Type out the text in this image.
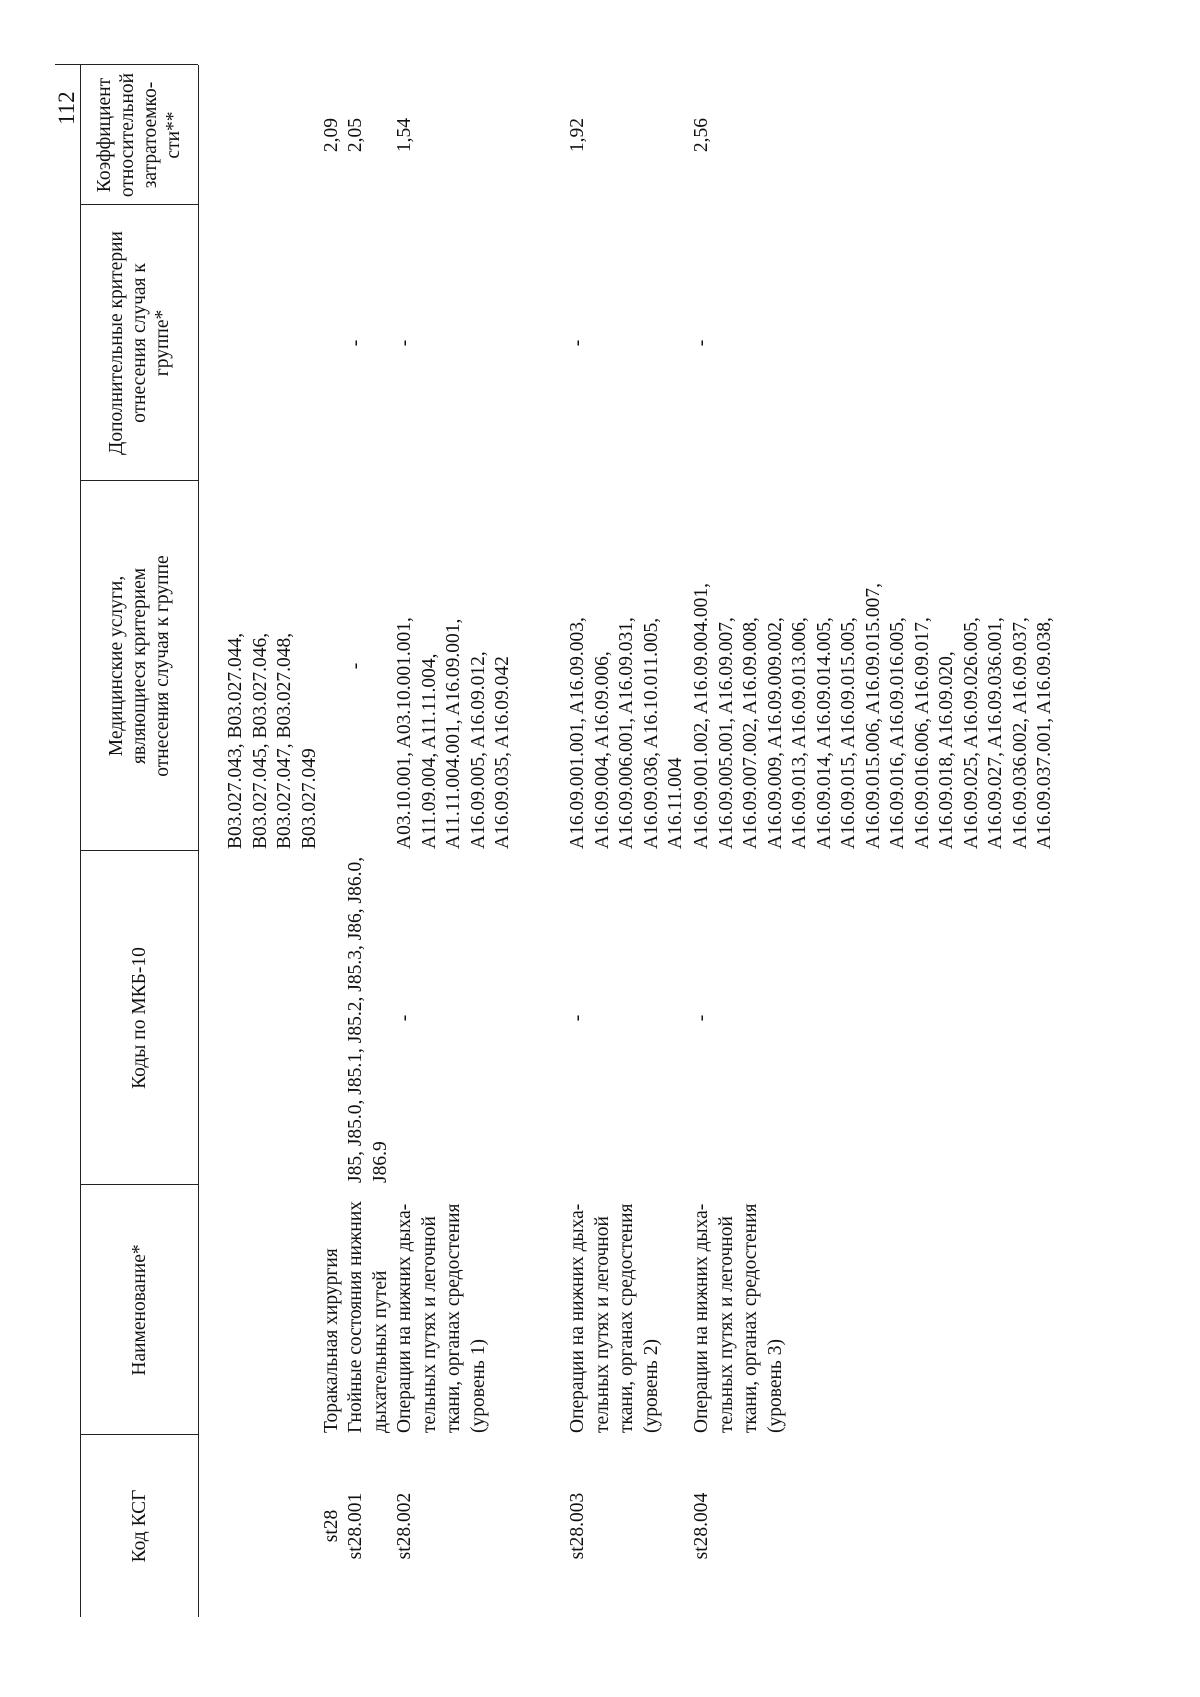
112
Код КСГ
Наименование*
Коды по МКБ-10
Медицинские услуги, являющиеся критерием отнесения случая к группе
Дополнительные критерии отнесения случая к группе*
Коэффициент относительной затратоемко- сти**
B03.027.043, B03.027.044, B03.027.045, B03.027.046, B03.027.047, B03.027.048, B03.027.049
st28
Торакальная хирургия
st28.001
Гнойные состояния нижних дыхательных путей
J85, J85.0, J85.1, J85.2, J85.3, J86, J86.0, J86.9
-
-
2,09 2,05
st28.002
Операции на нижних дыха- тельных путях и легочной ткани, органах средостения (уровень 1)
-
A03.10.001, A03.10.001.001, A11.09.004, A11.11.004, A11.11.004.001, A16.09.001, A16.09.005, A16.09.012, A16.09.035, A16.09.042
-
1,54
st28.003
Операции на нижних дыха- тельных путях и легочной ткани, органах средостения (уровень 2)
-
A16.09.001.001, A16.09.003, A16.09.004, A16.09.006, A16.09.006.001, A16.09.031, A16.09.036, A16.10.011.005, A16.11.004
-
1,92
st28.004
Операции на нижних дыха- тельных путях и легочной ткани, органах средостения (уровень 3)
-
A16.09.001.002, A16.09.004.001, A16.09.005.001, A16.09.007, A16.09.007.002, A16.09.008, A16.09.009, A16.09.009.002, A16.09.013, A16.09.013.006, A16.09.014, A16.09.014.005, A16.09.015, A16.09.015.005, A16.09.015.006, A16.09.015.007, A16.09.016, A16.09.016.005, A16.09.016.006, A16.09.017, A16.09.018, A16.09.020, A16.09.025, A16.09.026.005, A16.09.027, A16.09.036.001, A16.09.036.002, A16.09.037, A16.09.037.001, A16.09.038,
-
2,56
